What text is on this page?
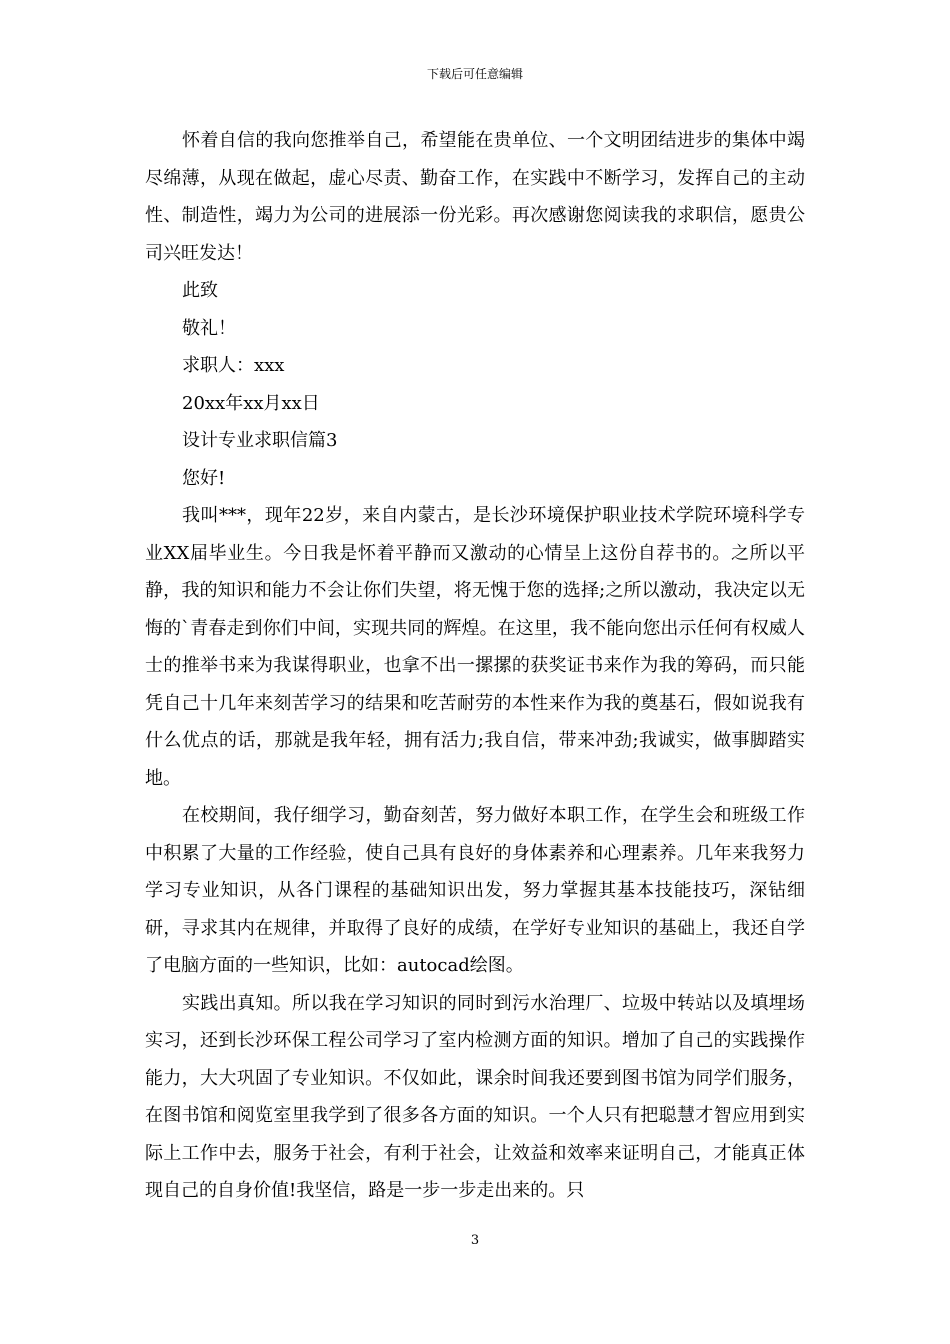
下载后可任意编辑

怀着自信的我向您推举自己，希望能在贵单位、一个文明团结进步的集体中竭尽绵薄，从现在做起，虚心尽责、勤奋工作，在实践中不断学习，发挥自己的主动性、制造性，竭力为公司的进展添一份光彩。再次感谢您阅读我的求职信，愿贵公司兴旺发达！

此致

敬礼！

求职人：xxx

20xx年xx月xx日

设计专业求职信篇3

您好!

我叫***，现年22岁，来自内蒙古，是长沙环境保护职业技术学院环境科学专业XX届毕业生。今日我是怀着平静而又激动的心情呈上这份自荐书的。之所以平静，我的知识和能力不会让你们失望，将无愧于您的选择;之所以激动，我决定以无悔的`青春走到你们中间，实现共同的辉煌。在这里，我不能向您出示任何有权威人士的推举书来为我谋得职业，也拿不出一摞摞的获奖证书来作为我的筹码，而只能凭自己十几年来刻苦学习的结果和吃苦耐劳的本性来作为我的奠基石，假如说我有什么优点的话，那就是我年轻，拥有活力;我自信，带来冲劲;我诚实，做事脚踏实地。

在校期间，我仔细学习，勤奋刻苦，努力做好本职工作，在学生会和班级工作中积累了大量的工作经验，使自己具有良好的身体素养和心理素养。几年来我努力学习专业知识，从各门课程的基础知识出发，努力掌握其基本技能技巧，深钻细研，寻求其内在规律，并取得了良好的成绩，在学好专业知识的基础上，我还自学了电脑方面的一些知识，比如：autocad绘图。

实践出真知。所以我在学习知识的同时到污水治理厂、垃圾中转站以及填埋场实习，还到长沙环保工程公司学习了室内检测方面的知识。增加了自己的实践操作能力，大大巩固了专业知识。不仅如此，课余时间我还要到图书馆为同学们服务，在图书馆和阅览室里我学到了很多各方面的知识。一个人只有把聪慧才智应用到实际上工作中去，服务于社会，有利于社会，让效益和效率来证明自己，才能真正体现自己的自身价值!我坚信，路是一步一步走出来的。只

3
